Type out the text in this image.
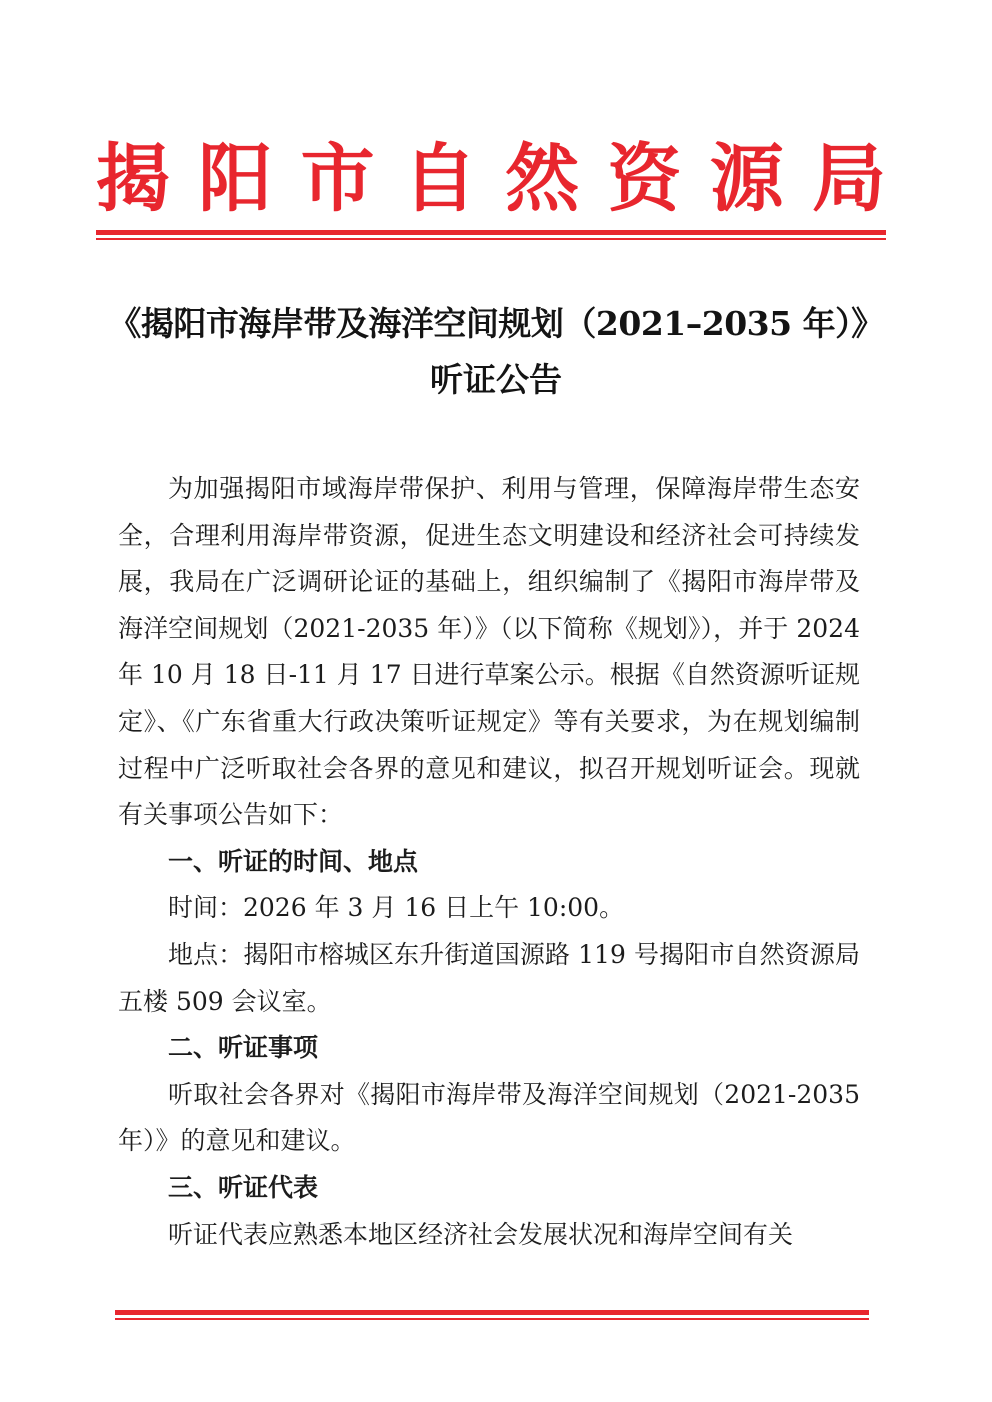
揭 阳 市 自 然 资 源 局
《揭阳市海岸带及海洋空间规划（2021–2035 年）》
听证公告

为加强揭阳市域海岸带保护、利用与管理，保障海岸带生态安全，合理利用海岸带资源，促进生态文明建设和经济社会可持续发展，我局在广泛调研论证的基础上，组织编制了《揭阳市海岸带及海洋空间规划（2021-2035 年）》（以下简称《规划》），并于 2024 年 10 月 18 日-11 月 17 日进行草案公示。根据《自然资源听证规定》、《广东省重大行政决策听证规定》等有关要求，为在规划编制过程中广泛听取社会各界的意见和建议，拟召开规划听证会。现就有关事项公告如下：

一、听证的时间、地点

时间：2026 年 3 月 16 日上午 10:00。

地点：揭阳市榕城区东升街道国源路 119 号揭阳市自然资源局五楼 509 会议室。

二、听证事项

听取社会各界对《揭阳市海岸带及海洋空间规划（2021-2035 年）》的意见和建议。

三、听证代表

听证代表应熟悉本地区经济社会发展状况和海岸空间有关
